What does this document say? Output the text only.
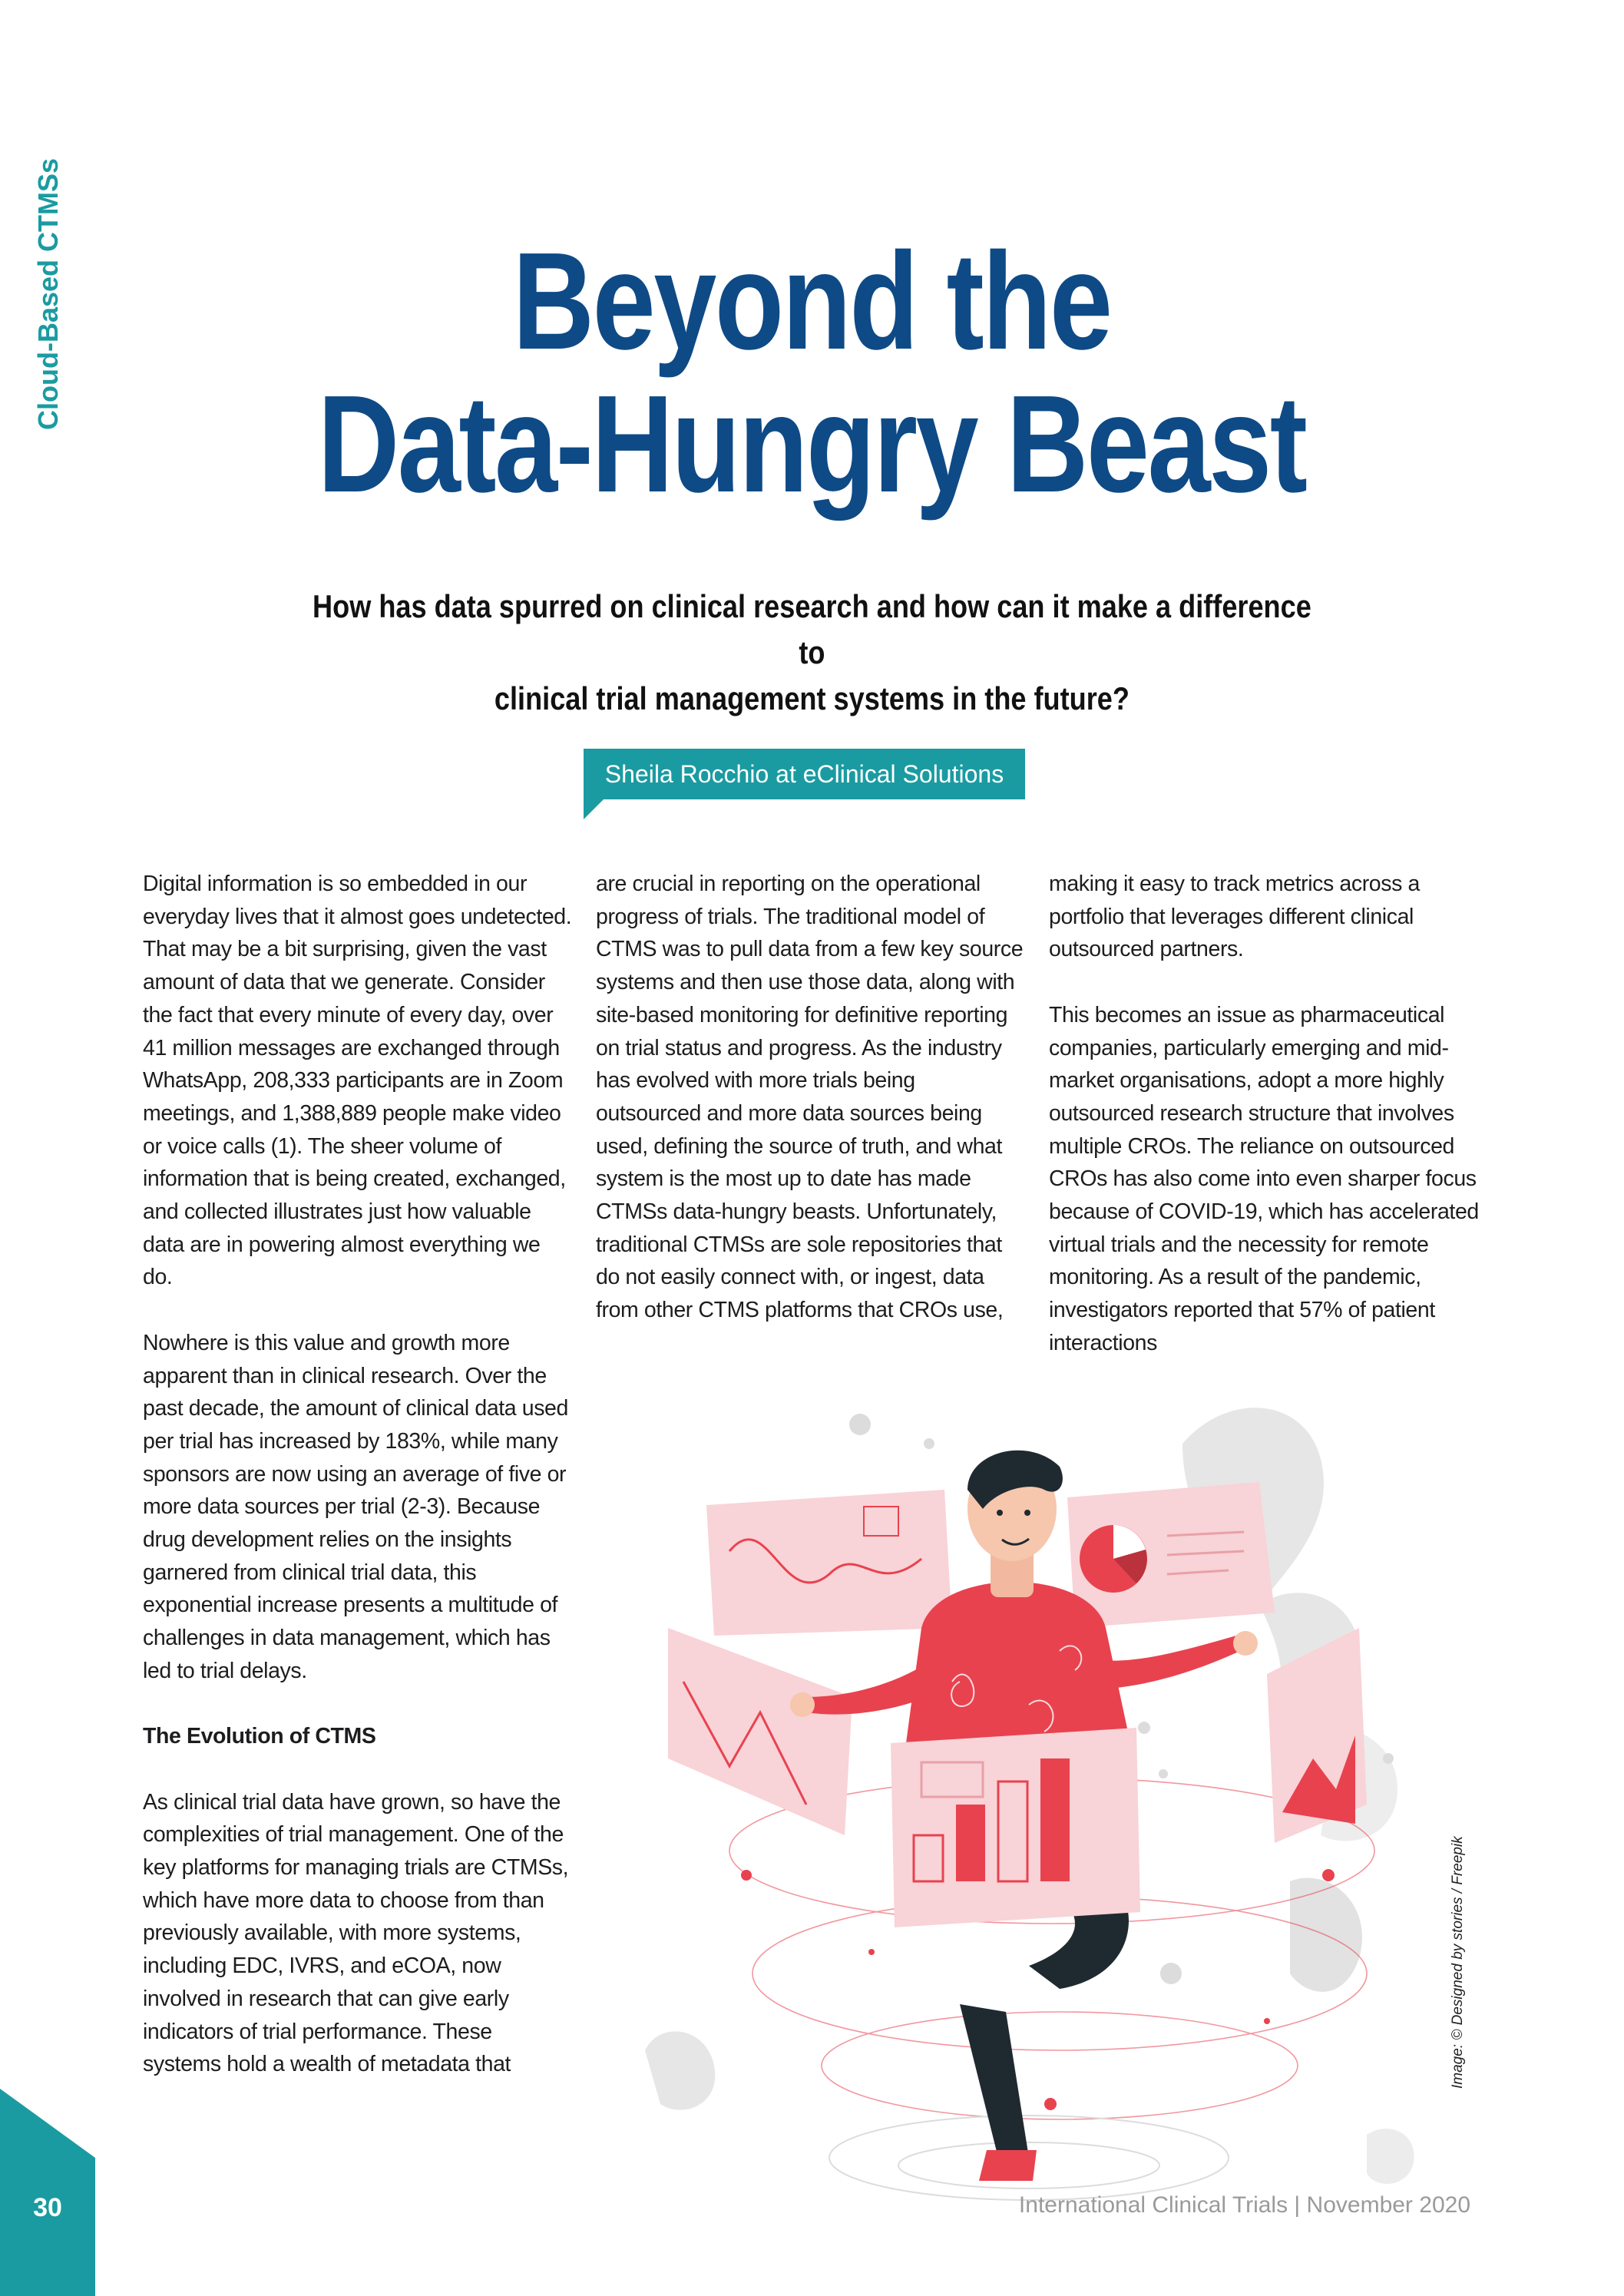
Cloud-Based CTMSs	Beyond the
Data-Hungry Beast
How has data spurred on clinical research and how can it make a difference to
clinical trial management systems in the future?
Sheila Rocchio at eClinical Solutions

Digital information is so embedded in our everyday lives that it almost goes undetected. That may be a bit surprising, given the vast amount of data that we generate. Consider the fact that every minute of every day, over 41 million messages are exchanged through WhatsApp, 208,333 participants are in Zoom meetings, and 1,388,889 people make video or voice calls (1). The sheer volume of information that is being created, exchanged, and collected illustrates just how valuable data are in powering almost everything we do.

Nowhere is this value and growth more apparent than in clinical research. Over the past decade, the amount of clinical data used per trial has increased by 183%, while many sponsors are now using an average of five or more data sources per trial (2-3). Because drug development relies on the insights garnered from clinical trial data, this exponential increase presents a multitude of challenges in data management, which has led to trial delays.

The Evolution of CTMS

As clinical trial data have grown, so have the complexities of trial management. One of the key platforms for managing trials are CTMSs, which have more data to choose from than previously available, with more systems, including EDC, IVRS, and eCOA, now involved in research that can give early indicators of trial performance. These systems hold a wealth of metadata that

are crucial in reporting on the operational progress of trials. The traditional model of CTMS was to pull data from a few key source systems and then use those data, along with site-based monitoring for definitive reporting on trial status and progress. As the industry has evolved with more trials being outsourced and more data sources being used, defining the source of truth, and what system is the most up to date has made CTMSs data-hungry beasts. Unfortunately, traditional CTMSs are sole repositories that do not easily connect with, or ingest, data from other CTMS platforms that CROs use,

making it easy to track metrics across a portfolio that leverages different clinical outsourced partners.

This becomes an issue as pharmaceutical companies, particularly emerging and mid-market organisations, adopt a more highly outsourced research structure that involves multiple CROs. The reliance on outsourced CROs has also come into even sharper focus because of COVID-19, which has accelerated virtual trials and the necessity for remote monitoring. As a result of the pandemic, investigators reported that 57% of patient interactions

Image: © Designed by stories / Freepik
30	International Clinical Trials | November 2020
